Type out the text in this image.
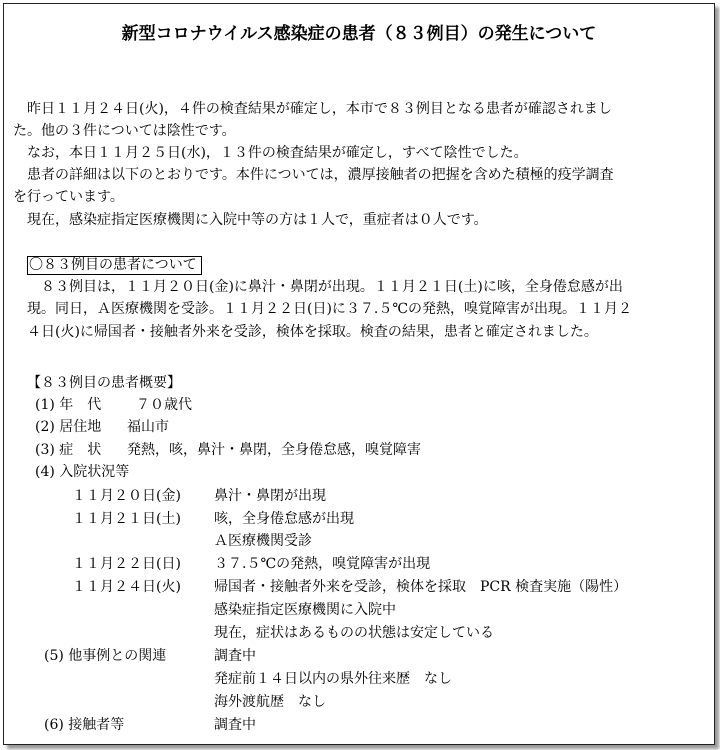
新型コロナウイルス感染症の患者（８３例目）の発生について
昨日１１月２４日(火)，４件の検査結果が確定し，本市で８３例目となる患者が確認されまし
た。他の３件については陰性です。
なお，本日１１月２５日(水)，１３件の検査結果が確定し，すべて陰性でした。
患者の詳細は以下のとおりです。本件については，濃厚接触者の把握を含めた積極的疫学調査
を行っています。
現在，感染症指定医療機関に入院中等の方は１人で，重症者は０人です。
〇８３例目の患者について
８３例目は，１１月２０日(金)に鼻汁・鼻閉が出現。１１月２１日(土)に咳，全身倦怠感が出
現。同日，Ａ医療機関を受診。１１月２２日(日)に３７.５℃の発熱，嗅覚障害が出現。１１月２
４日(火)に帰国者・接触者外来を受診，検体を採取。検査の結果，患者と確定されました。
【８３例目の患者概要】
(1) 年　代 ７０歳代
(2) 居住地 福山市
(3) 症　状 発熱，咳，鼻汁・鼻閉，全身倦怠感，嗅覚障害
(4) 入院状況等
１１月２０日(金) 鼻汁・鼻閉が出現
１１月２１日(土) 咳，全身倦怠感が出現
Ａ医療機関受診
１１月２２日(日) ３７.５℃の発熱，嗅覚障害が出現
１１月２４日(火) 帰国者・接触者外来を受診，検体を採取　PCR 検査実施（陽性）
感染症指定医療機関に入院中
現在，症状はあるものの状態は安定している
(5) 他事例との関連	調査中
発症前１４日以内の県外往来歴　なし
海外渡航歴　なし
(6) 接触者等	調査中
